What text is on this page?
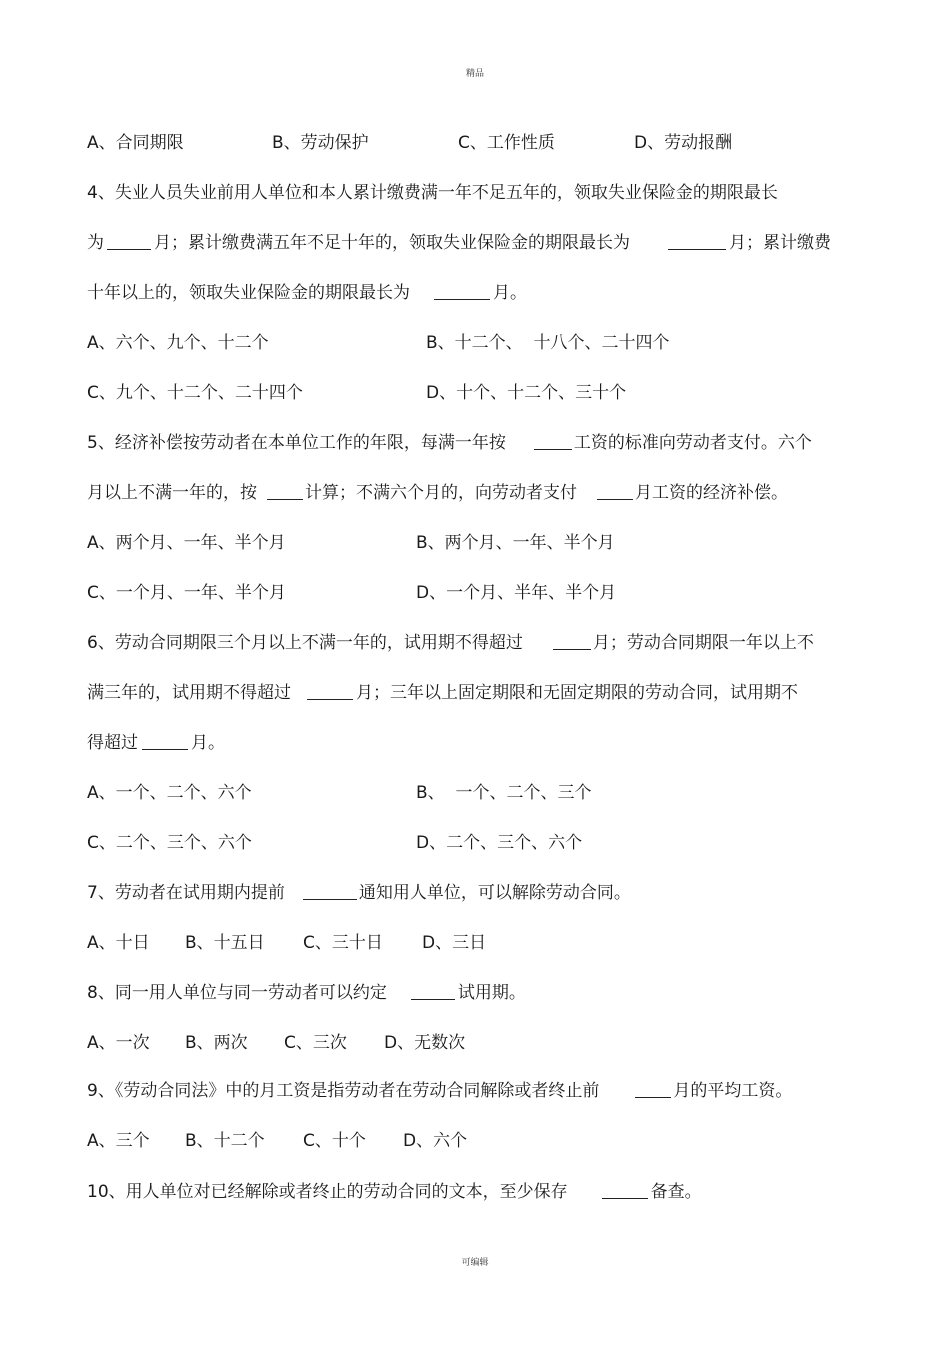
精品
A、合同期限	B、劳动保护	C、工作性质	D、劳动报酬
4、失业人员失业前用人单位和本人累计缴费满一年不足五年的，领取失业保险金的期限最长
为	月；累计缴费满五年不足十年的，领取失业保险金的期限最长为	月；累计缴费
十年以上的，领取失业保险金的期限最长为	月。
A、六个、九个、十二个	B、十二个、  十八个、二十四个
C、九个、十二个、二十四个	D、十个、十二个、三十个
5、经济补偿按劳动者在本单位工作的年限，每满一年按	工资的标准向劳动者支付。六个
月以上不满一年的，按	计算；不满六个月的，向劳动者支付	月工资的经济补偿。
A、两个月、一年、半个月	B、两个月、一年、半个月
C、一个月、一年、半个月	D、一个月、半年、半个月
6、劳动合同期限三个月以上不满一年的，试用期不得超过	月；劳动合同期限一年以上不
满三年的，试用期不得超过	月；三年以上固定期限和无固定期限的劳动合同，试用期不
得超过	月。
A、一个、二个、六个	B、  一个、二个、三个
C、二个、三个、六个	D、二个、三个、六个
7、劳动者在试用期内提前	通知用人单位，可以解除劳动合同。
A、十日 B、十五日 C、三十日 D、三日
8、同一用人单位与同一劳动者可以约定	试用期。
A、一次 B、两次 C、三次 D、无数次
9、《劳动合同法》中的月工资是指劳动者在劳动合同解除或者终止前	月的平均工资。
A、三个 B、十二个 C、十个 D、六个
10、用人单位对已经解除或者终止的劳动合同的文本，至少保存	备查。
可编辑
